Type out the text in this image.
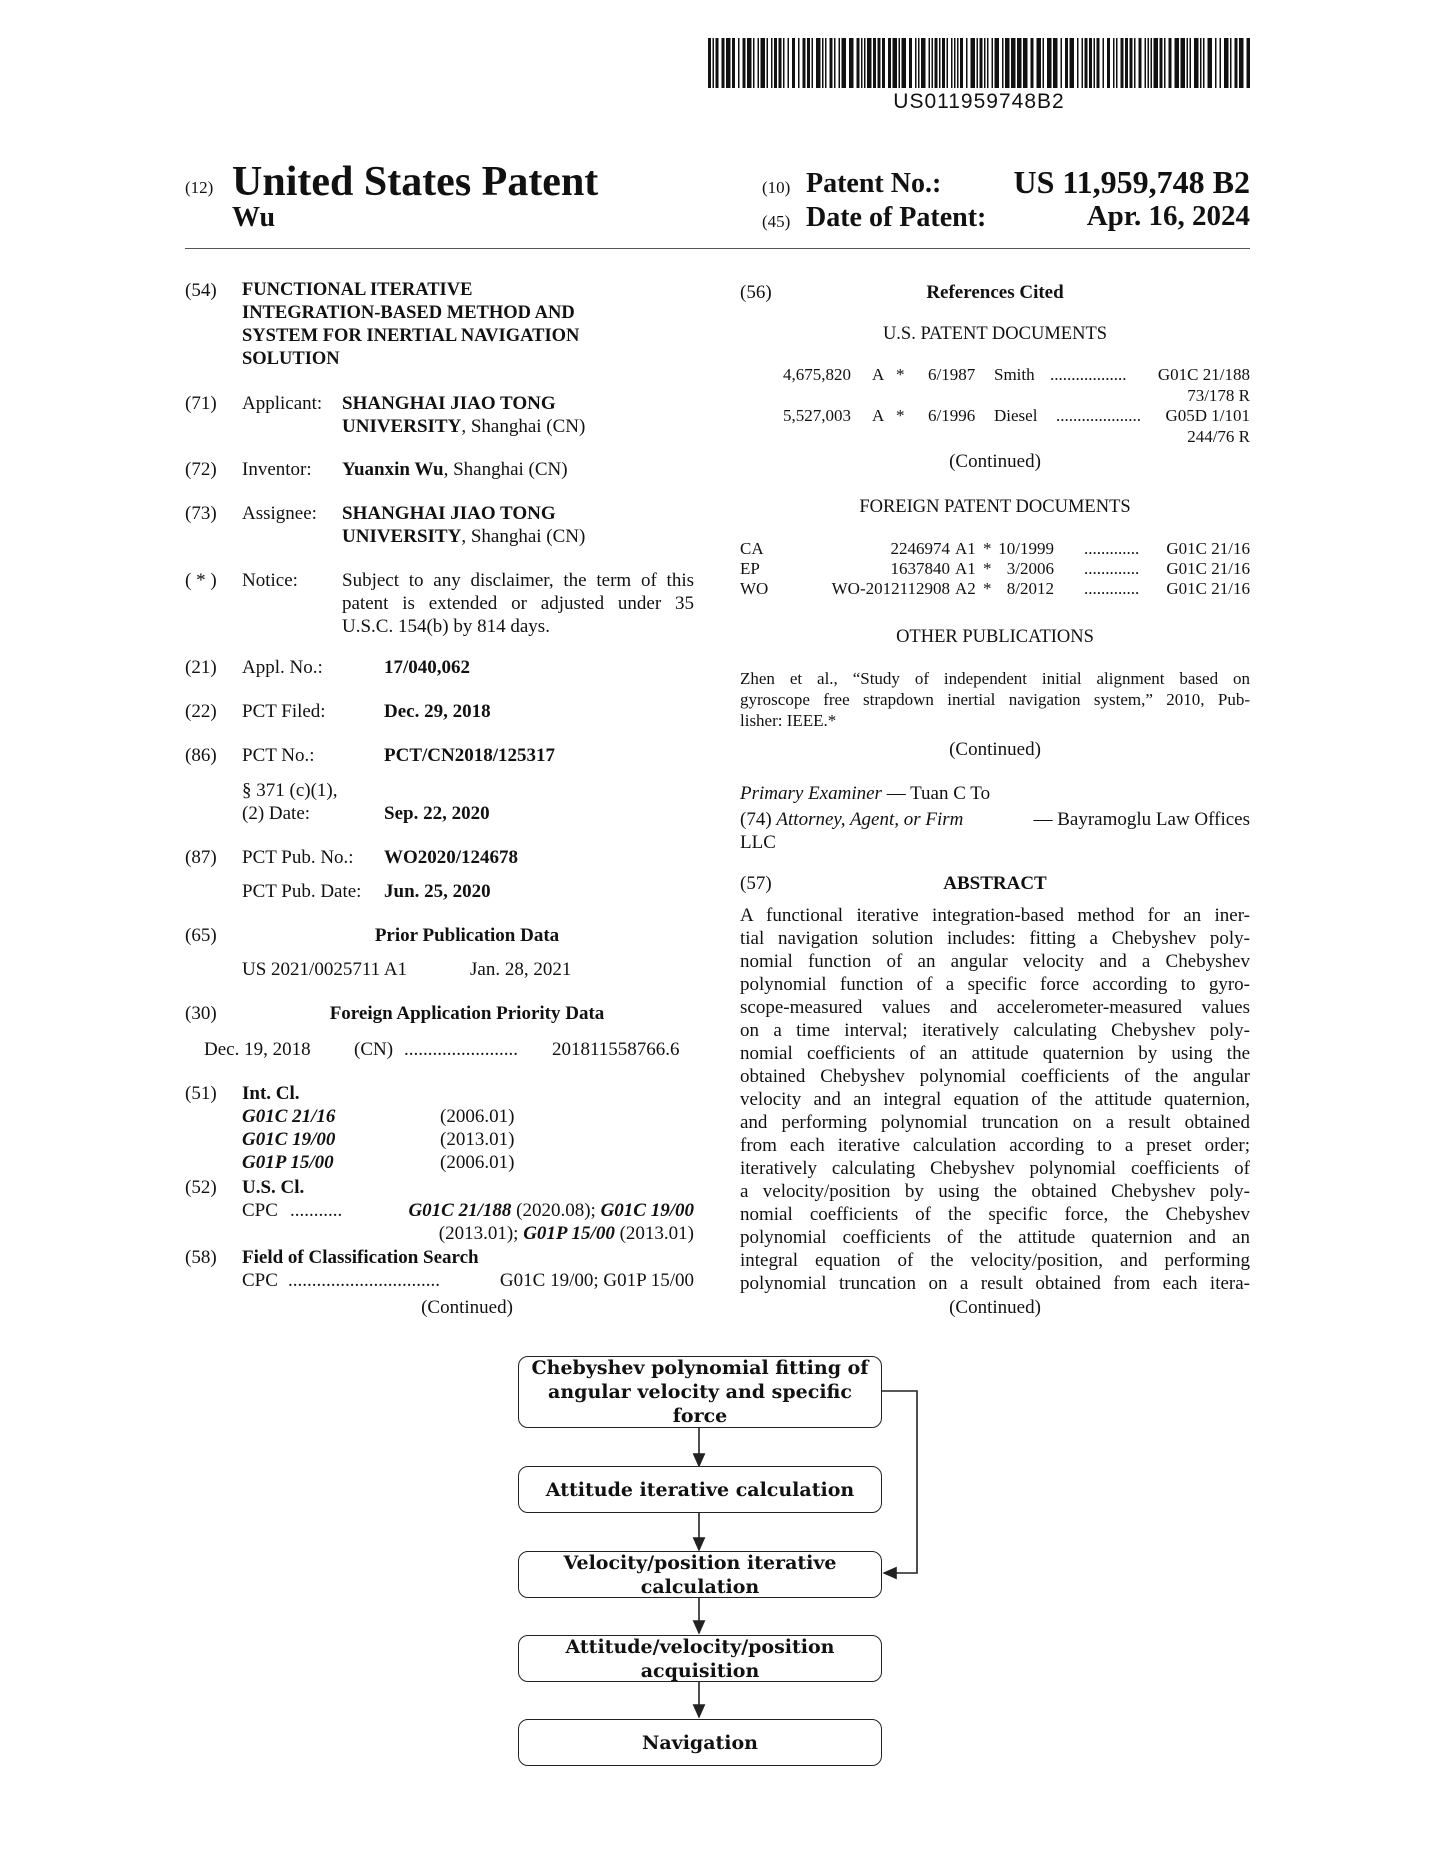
US011959748B2
(12) United States Patent
Wu
(10) Patent No.:	US 11,959,748 B2
(45) Date of Patent:	Apr. 16, 2024
(54) FUNCTIONAL ITERATIVE
INTEGRATION-BASED METHOD AND
SYSTEM FOR INERTIAL NAVIGATION
SOLUTION
(71) Applicant: SHANGHAI JIAO TONG
UNIVERSITY, Shanghai (CN)
(72) Inventor: Yuanxin Wu, Shanghai (CN)
(73) Assignee: SHANGHAI JIAO TONG
UNIVERSITY, Shanghai (CN)
( * ) Notice: Subject to any disclaimer, the term of this
patent is extended or adjusted under 35
U.S.C. 154(b) by 814 days.
(21) Appl. No.:	17/040,062
(22) PCT Filed:	Dec. 29, 2018
(86) PCT No.:	PCT/CN2018/125317
§ 371 (c)(1),
(2) Date:	Sep. 22, 2020
(87) PCT Pub. No.: WO2020/124678
PCT Pub. Date: Jun. 25, 2020
(65)	Prior Publication Data
US 2021/0025711 A1	Jan. 28, 2021
(30)	Foreign Application Priority Data
Dec. 19, 2018 (CN) ........................ 201811558766.6
(51) Int. Cl.
G01C 21/16	(2006.01)
G01C 19/00	(2013.01)
G01P 15/00	(2006.01)
(52) U.S. Cl.
CPC ...........	G01C 21/188 (2020.08); G01C 19/00
(2013.01); G01P 15/00 (2013.01)
(58) Field of Classification Search
CPC ................................	G01C 19/00; G01P 15/00
(Continued)
(56)	References Cited
U.S. PATENT DOCUMENTS
4,675,820 A * 6/1987 Smith .................. G01C 21/188
73/178 R
5,527,003 A * 6/1996 Diesel .................... G05D 1/101
244/76 R
(Continued)
FOREIGN PATENT DOCUMENTS
CA	2246974 A1 * 10/1999 ............. G01C 21/16
EP	1637840 A1 * 3/2006 ............. G01C 21/16
WO	WO-2012112908 A2 * 8/2012 ............. G01C 21/16
OTHER PUBLICATIONS
Zhen et al., “Study of independent initial alignment based on
gyroscope free strapdown inertial navigation system,” 2010, Pub-
lisher: IEEE.*
(Continued)
Primary Examiner — Tuan C To
(74) Attorney, Agent, or Firm	— Bayramoglu Law Offices
LLC
(57)	ABSTRACT
A functional iterative integration-based method for an iner-
tial navigation solution includes: fitting a Chebyshev poly-
nomial function of an angular velocity and a Chebyshev
polynomial function of a specific force according to gyro-
scope-measured values and accelerometer-measured values
on a time interval; iteratively calculating Chebyshev poly-
nomial coefficients of an attitude quaternion by using the
obtained Chebyshev polynomial coefficients of the angular
velocity and an integral equation of the attitude quaternion,
and performing polynomial truncation on a result obtained
from each iterative calculation according to a preset order;
iteratively calculating Chebyshev polynomial coefficients of
a velocity/position by using the obtained Chebyshev poly-
nomial coefficients of the specific force, the Chebyshev
polynomial coefficients of the attitude quaternion and an
integral equation of the velocity/position, and performing
polynomial truncation on a result obtained from each itera-
(Continued)
Chebyshev polynomial fitting of
angular velocity and specific force
Attitude iterative calculation
Velocity/position iterative calculation
Attitude/velocity/position acquisition
Navigation
